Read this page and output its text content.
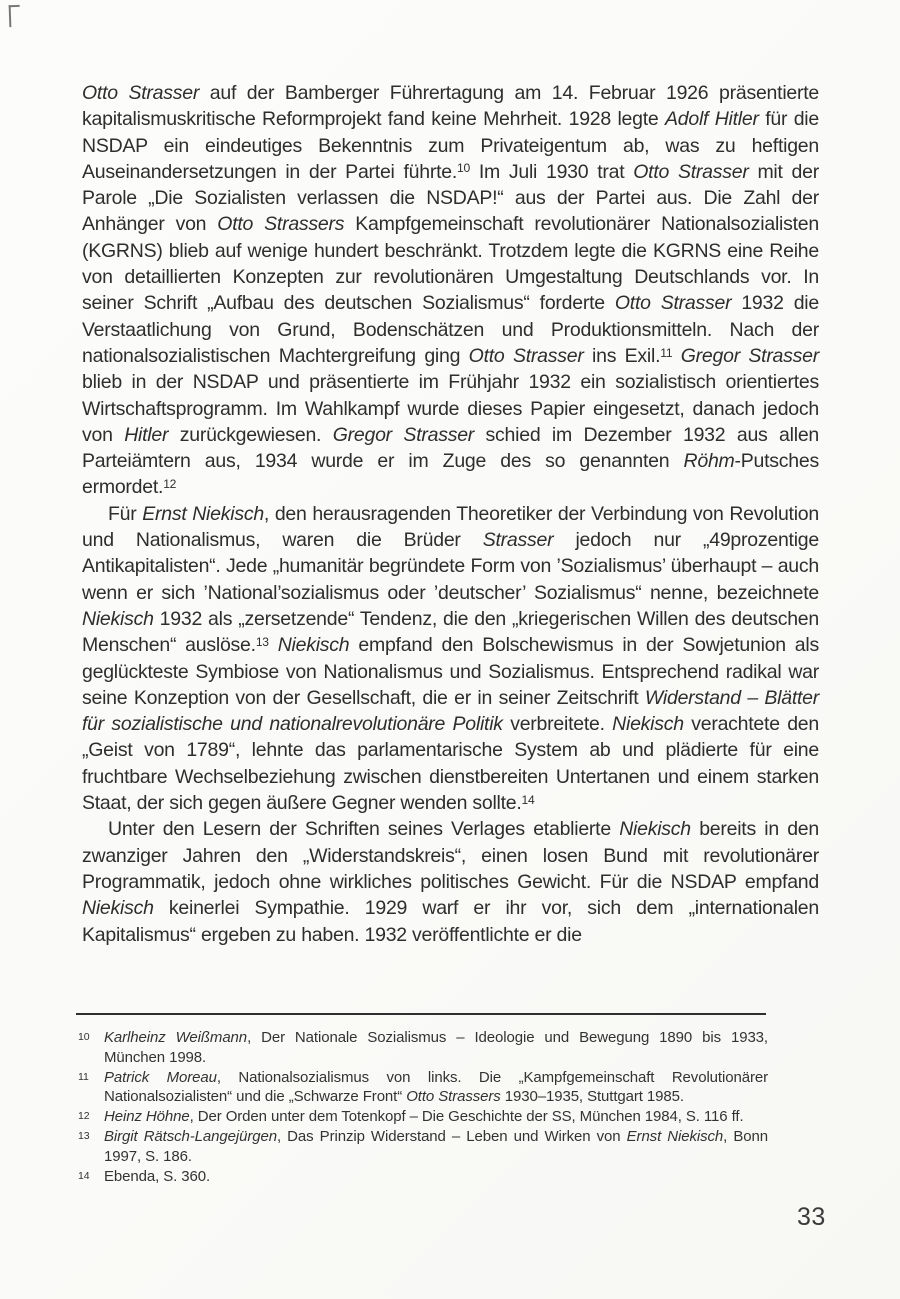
Otto Strasser auf der Bamberger Führertagung am 14. Februar 1926 präsentierte kapitalismuskritische Reformprojekt fand keine Mehrheit. 1928 legte Adolf Hitler für die NSDAP ein eindeutiges Bekenntnis zum Privateigentum ab, was zu heftigen Auseinandersetzungen in der Partei führte.$^{10}$ Im Juli 1930 trat Otto Strasser mit der Parole „Die Sozialisten verlassen die NSDAP!“ aus der Partei aus. Die Zahl der Anhänger von Otto Strassers Kampfgemeinschaft revolutionärer Nationalsozialisten (KGRNS) blieb auf wenige hundert beschränkt. Trotzdem legte die KGRNS eine Reihe von detaillierten Konzepten zur revolutionären Umgestaltung Deutschlands vor. In seiner Schrift „Aufbau des deutschen Sozialismus“ forderte Otto Strasser 1932 die Verstaatlichung von Grund, Bodenschätzen und Produktionsmitteln. Nach der nationalsozialistischen Machtergreifung ging Otto Strasser ins Exil.$^{11}$ Gregor Strasser blieb in der NSDAP und präsentierte im Frühjahr 1932 ein sozialistisch orientiertes Wirtschaftsprogramm. Im Wahlkampf wurde dieses Papier eingesetzt, danach jedoch von Hitler zurückgewiesen. Gregor Strasser schied im Dezember 1932 aus allen Parteiämtern aus, 1934 wurde er im Zuge des so genannten Röhm-Putsches ermordet.$^{12}$

Für Ernst Niekisch, den herausragenden Theoretiker der Verbindung von Revolution und Nationalismus, waren die Brüder Strasser jedoch nur „49prozentige Antikapitalisten“. Jede „humanitär begründete Form von ’Sozialismus’ überhaupt – auch wenn er sich ’National’sozialismus oder ’deutscher’ Sozialismus“ nenne, bezeichnete Niekisch 1932 als „zersetzende“ Tendenz, die den „kriegerischen Willen des deutschen Menschen“ auslöse.$^{13}$ Niekisch empfand den Bolschewismus in der Sowjetunion als geglückteste Symbiose von Nationalismus und Sozialismus. Entsprechend radikal war seine Konzeption von der Gesellschaft, die er in seiner Zeitschrift Widerstand – Blätter für sozialistische und nationalrevolutionäre Politik verbreitete. Niekisch verachtete den „Geist von 1789“, lehnte das parlamentarische System ab und plädierte für eine fruchtbare Wechselbeziehung zwischen dienstbereiten Untertanen und einem starken Staat, der sich gegen äußere Gegner wenden sollte.$^{14}$

Unter den Lesern der Schriften seines Verlages etablierte Niekisch bereits in den zwanziger Jahren den „Widerstandskreis“, einen losen Bund mit revolutionärer Programmatik, jedoch ohne wirkliches politisches Gewicht. Für die NSDAP empfand Niekisch keinerlei Sympathie. 1929 warf er ihr vor, sich dem „internationalen Kapitalismus“ ergeben zu haben. 1932 veröffentlichte er die

10 Karlheinz Weißmann, Der Nationale Sozialismus – Ideologie und Bewegung 1890 bis 1933, München 1998.
11 Patrick Moreau, Nationalsozialismus von links. Die „Kampfgemeinschaft Revolutionärer Nationalsozialisten“ und die „Schwarze Front“ Otto Strassers 1930–1935, Stuttgart 1985.
12 Heinz Höhne, Der Orden unter dem Totenkopf – Die Geschichte der SS, München 1984, S. 116 ff.
13 Birgit Rätsch-Langejürgen, Das Prinzip Widerstand – Leben und Wirken von Ernst Niekisch, Bonn 1997, S. 186.
14 Ebenda, S. 360.
33
